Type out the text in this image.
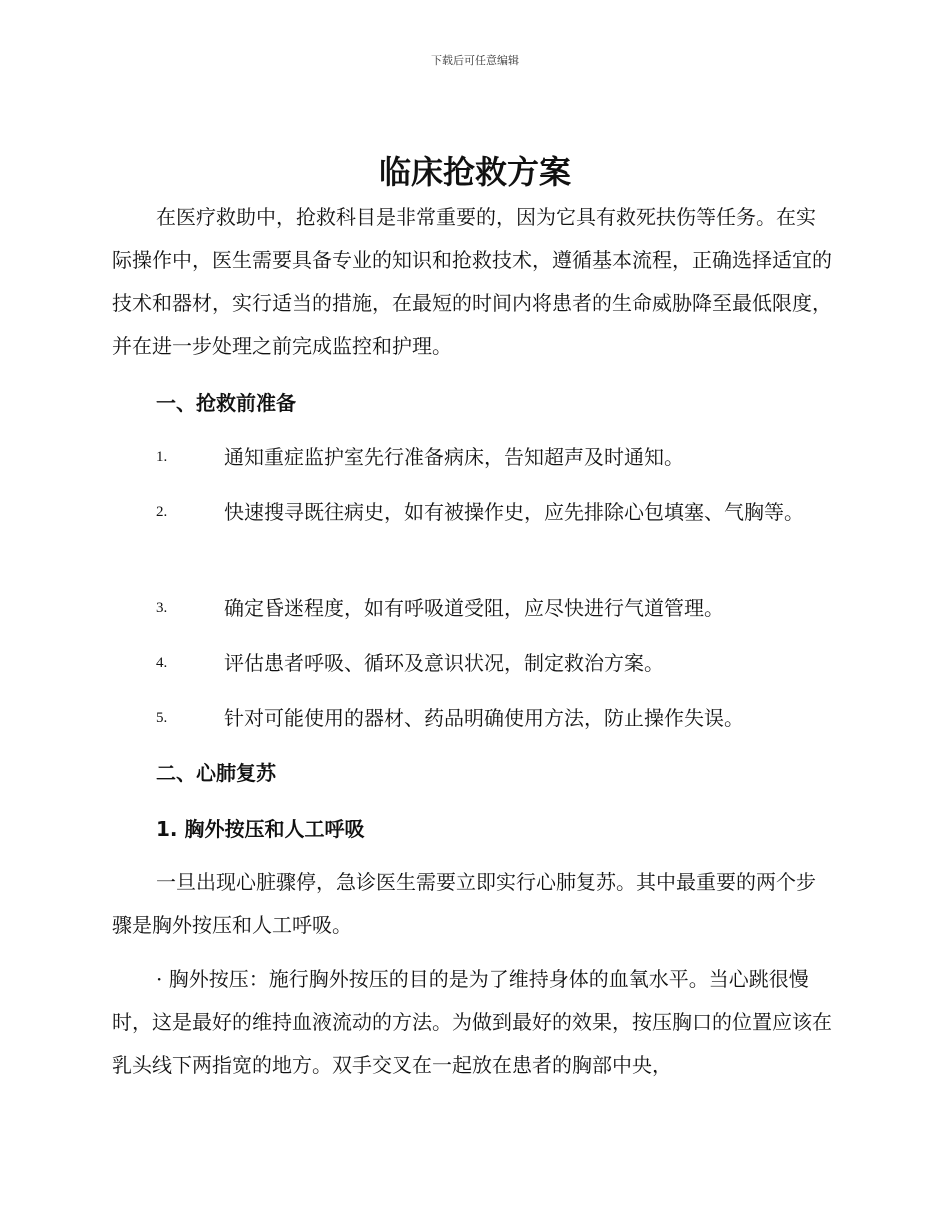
下载后可任意编辑
临床抢救方案

在医疗救助中，抢救科目是非常重要的，因为它具有救死扶伤等任务。在实际操作中，医生需要具备专业的知识和抢救技术，遵循基本流程，正确选择适宜的技术和器材，实行适当的措施，在最短的时间内将患者的生命威胁降至最低限度，并在进一步处理之前完成监控和护理。

一、抢救前准备
1.	通知重症监护室先行准备病床，告知超声及时通知。
2.	快速搜寻既往病史，如有被操作史，应先排除心包填塞、气胸等。
3.	确定昏迷程度，如有呼吸道受阻，应尽快进行气道管理。
4.	评估患者呼吸、循环及意识状况，制定救治方案。
5.	针对可能使用的器材、药品明确使用方法，防止操作失误。
二、心肺复苏
1. 胸外按压和人工呼吸

一旦出现心脏骤停，急诊医生需要立即实行心肺复苏。其中最重要的两个步骤是胸外按压和人工呼吸。

· 胸外按压：施行胸外按压的目的是为了维持身体的血氧水平。当心跳很慢时，这是最好的维持血液流动的方法。为做到最好的效果，按压胸口的位置应该在乳头线下两指宽的地方。双手交叉在一起放在患者的胸部中央，
